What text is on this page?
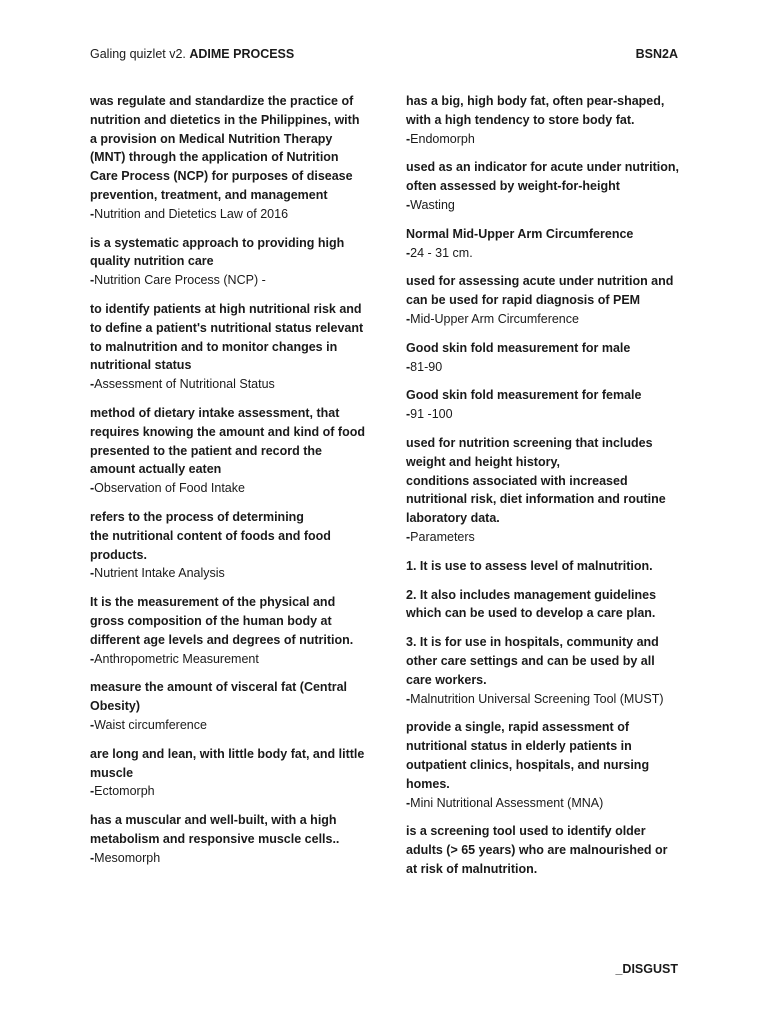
Galing quizlet v2. ADIME PROCESS	BSN2A
was regulate and standardize the practice of nutrition and dietetics in the Philippines, with a provision on Medical Nutrition Therapy (MNT) through the application of Nutrition Care Process (NCP) for purposes of disease prevention, treatment, and management
-Nutrition and Dietetics Law of 2016
is a systematic approach to providing high quality nutrition care
-Nutrition Care Process (NCP) -
to identify patients at high nutritional risk and to define a patient's nutritional status relevant to malnutrition and to monitor changes in nutritional status
-Assessment of Nutritional Status
method of dietary intake assessment, that requires knowing the amount and kind of food presented to the patient and record the amount actually eaten
-Observation of Food Intake
refers to the process of determining
the nutritional content of foods and food products.
-Nutrient Intake Analysis
It is the measurement of the physical and gross composition of the human body at different age levels and degrees of nutrition.
-Anthropometric Measurement
measure the amount of visceral fat (Central Obesity)
-Waist circumference
are long and lean, with little body fat, and little muscle
-Ectomorph
has a muscular and well-built, with a high metabolism and responsive muscle cells..
-Mesomorph
has a big, high body fat, often pear-shaped, with a high tendency to store body fat.
-Endomorph
used as an indicator for acute under nutrition, often assessed by weight-for-height
-Wasting
Normal Mid-Upper Arm Circumference
-24 - 31 cm.
used for assessing acute under nutrition and can be used for rapid diagnosis of PEM
-Mid-Upper Arm Circumference
Good skin fold measurement for male
-81-90
Good skin fold measurement for female
-91 -100
used for nutrition screening that includes weight and height history,
conditions associated with increased nutritional risk, diet information and routine laboratory data.
-Parameters
1. It is use to assess level of malnutrition.
2. It also includes management guidelines which can be used to develop a care plan.
3. It is for use in hospitals, community and other care settings and can be used by all care workers.
-Malnutrition Universal Screening Tool (MUST)
provide a single, rapid assessment of nutritional status in elderly patients in outpatient clinics, hospitals, and nursing homes.
-Mini Nutritional Assessment (MNA)
is a screening tool used to identify older adults (> 65 years) who are malnourished or at risk of malnutrition.
_DISGUST
